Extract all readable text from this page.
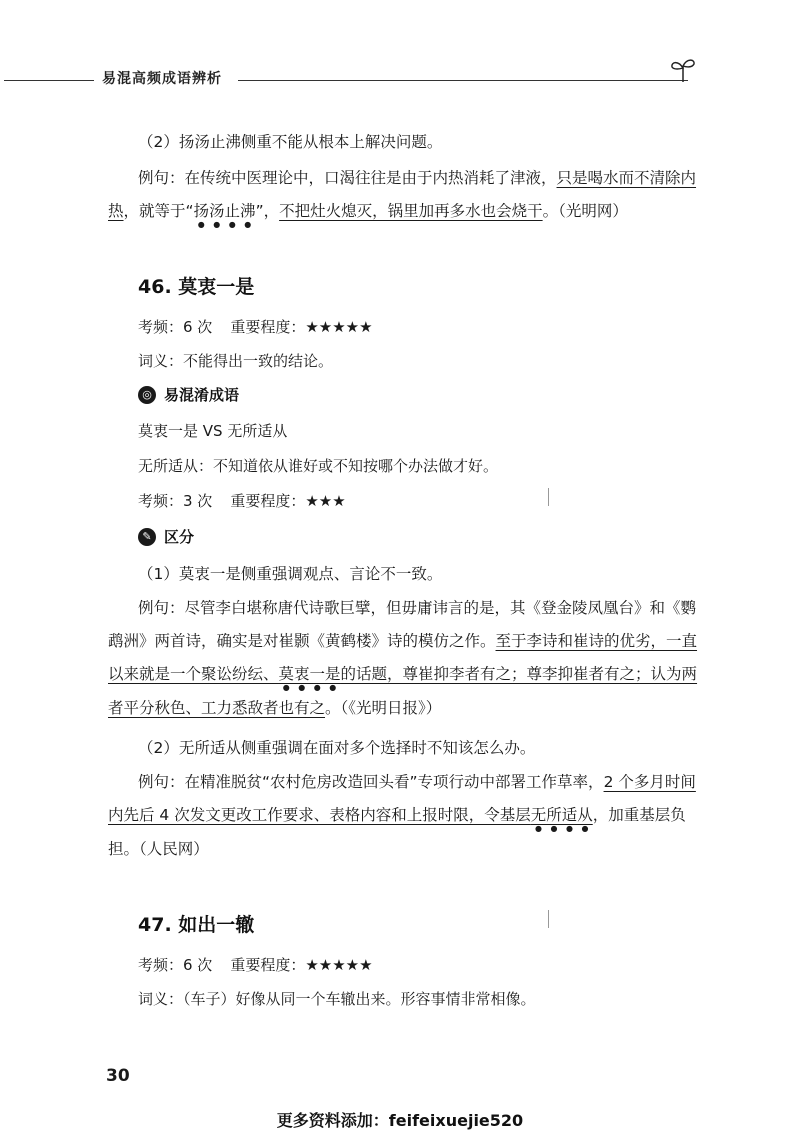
易混高频成语辨析

（2）扬汤止沸侧重不能从根本上解决问题。

例句：在传统中医理论中，口渴往往是由于内热消耗了津液，只是喝水而不清除内热，就等于“扬汤止沸”，不把灶火熄灭，锅里加再多水也会烧干。（光明网）

46. 莫衷一是
考频：6 次 重要程度：★★★★★
词义：不能得出一致的结论。
◎ 易混淆成语
莫衷一是 VS 无所适从
无所适从：不知道依从谁好或不知按哪个办法做才好。
考频：3 次 重要程度：★★★
✎ 区分

（1）莫衷一是侧重强调观点、言论不一致。

例句：尽管李白堪称唐代诗歌巨擘，但毋庸讳言的是，其《登金陵凤凰台》和《鹦鹉洲》两首诗，确实是对崔颢《黄鹤楼》诗的模仿之作。至于李诗和崔诗的优劣，一直以来就是一个聚讼纷纭、莫衷一是的话题，尊崔抑李者有之；尊李抑崔者有之；认为两者平分秋色、工力悉敌者也有之。（《光明日报》）

（2）无所适从侧重强调在面对多个选择时不知该怎么办。

例句：在精准脱贫“农村危房改造回头看”专项行动中部署工作草率，2 个多月时间内先后 4 次发文更改工作要求、表格内容和上报时限，令基层无所适从，加重基层负担。（人民网）

47. 如出一辙
考频：6 次 重要程度：★★★★★
词义：（车子）好像从同一个车辙出来。形容事情非常相像。
30
更多资料添加：feifeixuejie520
